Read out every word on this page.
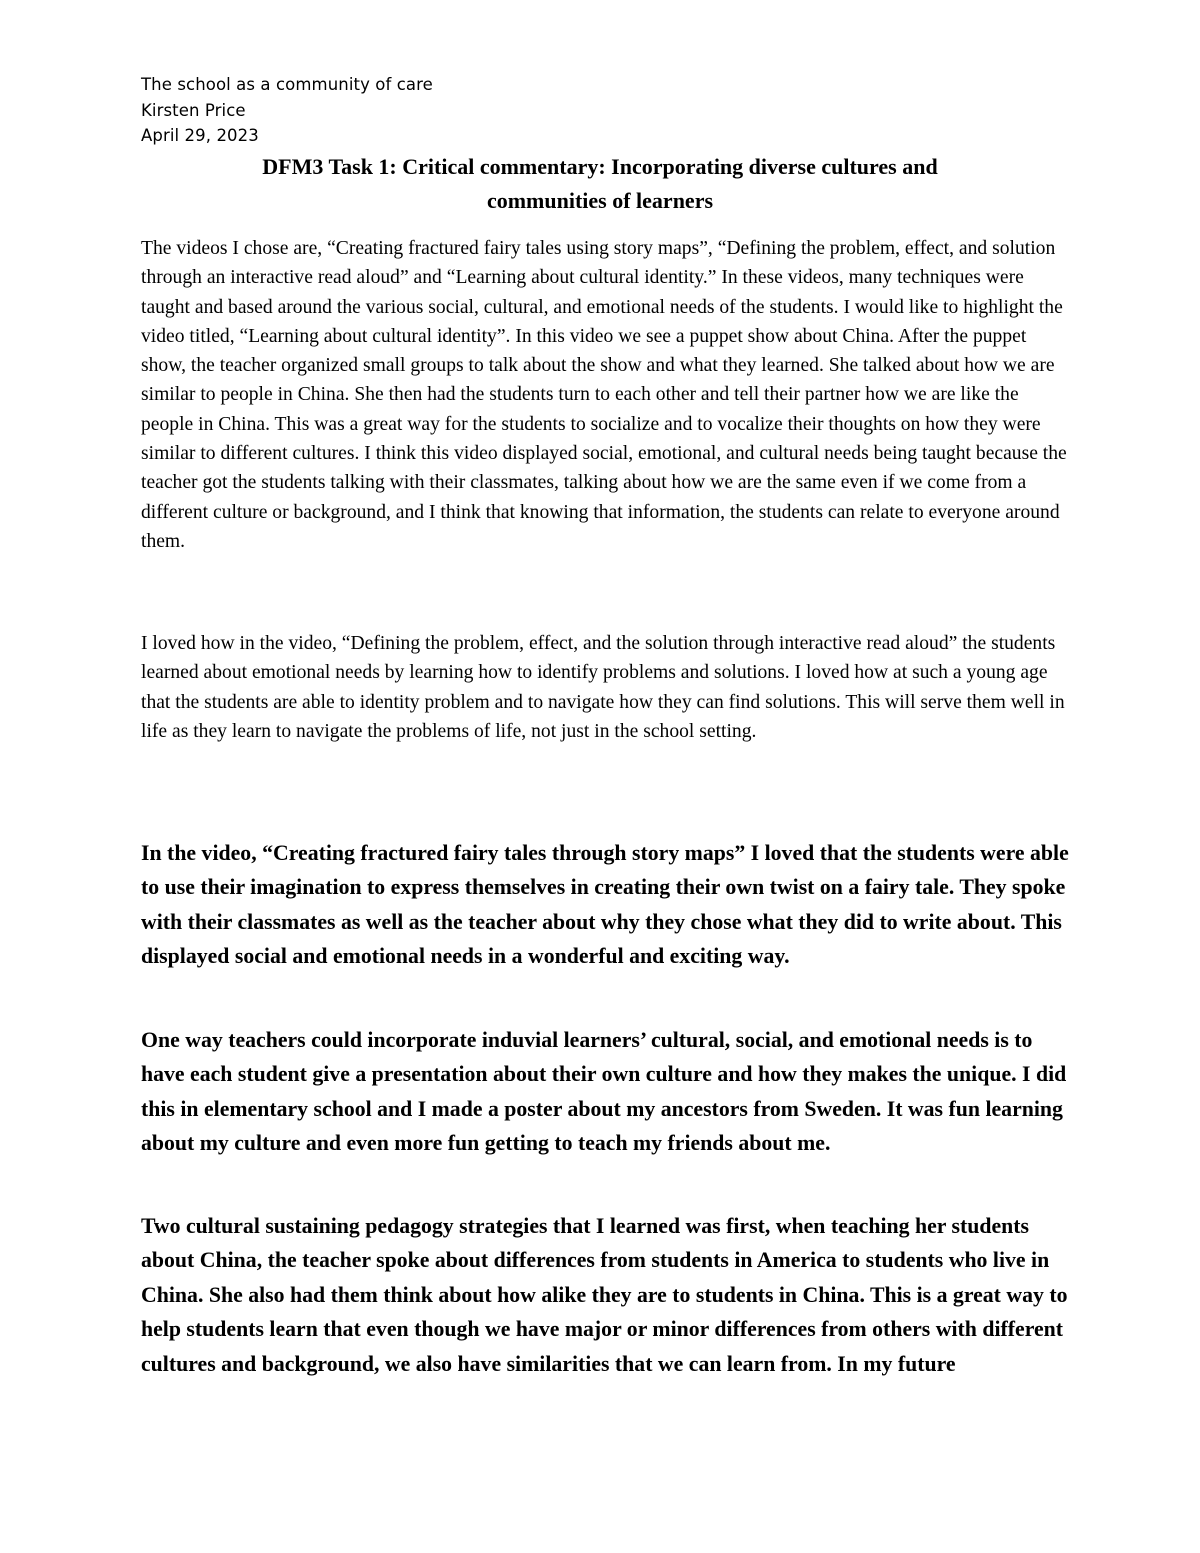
The school as a community of care
Kirsten Price
April 29, 2023
DFM3 Task 1: Critical commentary: Incorporating diverse cultures and
communities of learners

The videos I chose are, “Creating fractured fairy tales using story maps”, “Defining the problem, effect, and solution through an interactive read aloud” and “Learning about cultural identity.” In these videos, many techniques were taught and based around the various social, cultural, and emotional needs of the students. I would like to highlight the video titled, “Learning about cultural identity”. In this video we see a puppet show about China. After the puppet show, the teacher organized small groups to talk about the show and what they learned. She talked about how we are similar to people in China. She then had the students turn to each other and tell their partner how we are like the people in China. This was a great way for the students to socialize and to vocalize their thoughts on how they were similar to different cultures. I think this video displayed social, emotional, and cultural needs being taught because the teacher got the students talking with their classmates, talking about how we are the same even if we come from a different culture or background, and I think that knowing that information, the students can relate to everyone around them.

I loved how in the video, “Defining the problem, effect, and the solution through interactive read aloud” the students learned about emotional needs by learning how to identify problems and solutions. I loved how at such a young age that the students are able to identity problem and to navigate how they can find solutions. This will serve them well in life as they learn to navigate the problems of life, not just in the school setting.

In the video, “Creating fractured fairy tales through story maps” I loved that the students were able to use their imagination to express themselves in creating their own twist on a fairy tale. They spoke with their classmates as well as the teacher about why they chose what they did to write about. This displayed social and emotional needs in a wonderful and exciting way.

One way teachers could incorporate induvial learners’ cultural, social, and emotional needs is to have each student give a presentation about their own culture and how they makes the unique. I did this in elementary school and I made a poster about my ancestors from Sweden. It was fun learning about my culture and even more fun getting to teach my friends about me.

Two cultural sustaining pedagogy strategies that I learned was first, when teaching her students about China, the teacher spoke about differences from students in America to students who live in China. She also had them think about how alike they are to students in China. This is a great way to help students learn that even though we have major or minor differences from others with different cultures and background, we also have similarities that we can learn from. In my future
